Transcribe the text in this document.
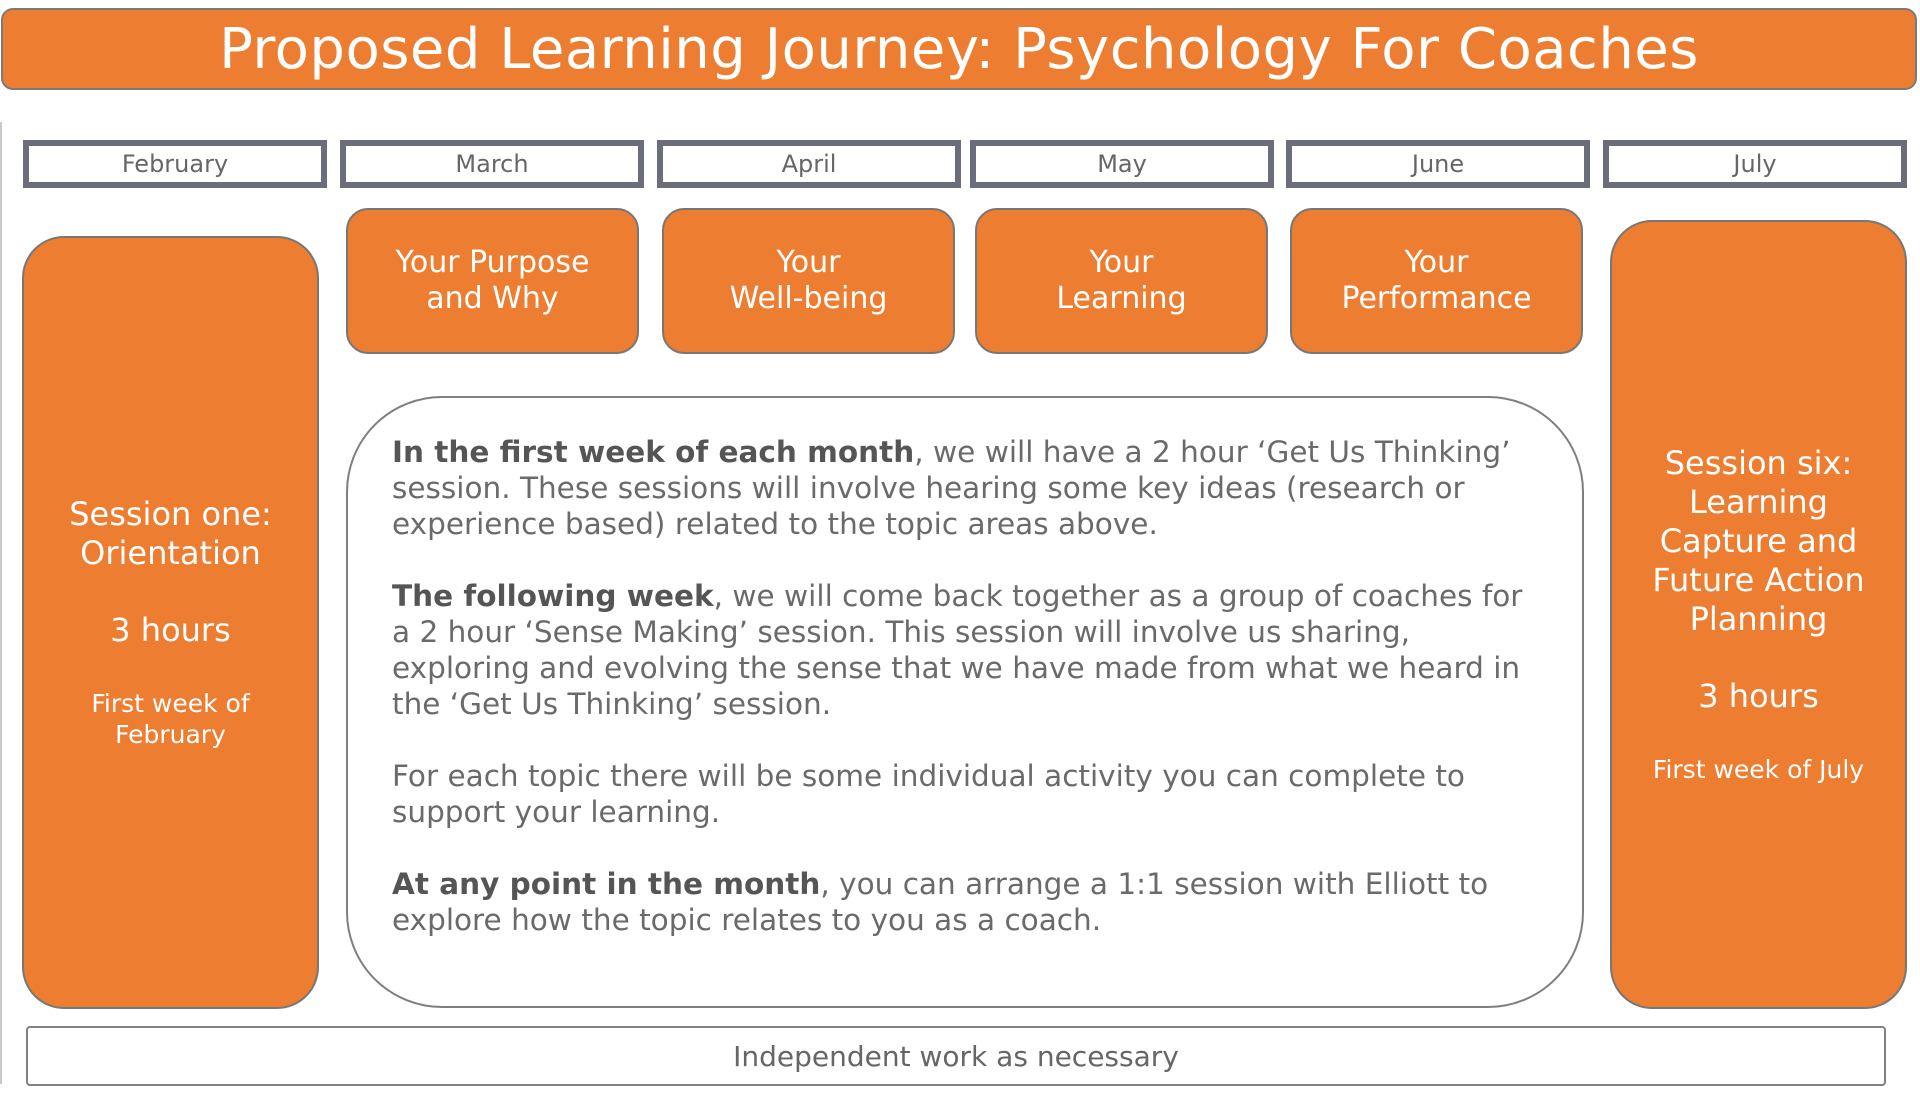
Proposed Learning Journey: Psychology For Coaches
February	March	April	May	June	July
Your Purpose
and Why
Your
Well-being
Your
Learning
Your
Performance
Session one:
Orientation
3 hours
First week of
February
Session six:
Learning
Capture and
Future Action
Planning
3 hours
First week of July

In the first week of each month, we will have a 2 hour ‘Get Us Thinking’ session. These sessions will involve hearing some key ideas (research or experience based) related to the topic areas above.

The following week, we will come back together as a group of coaches for a 2 hour ‘Sense Making’ session. This session will involve us sharing, exploring and evolving the sense that we have made from what we heard in the ‘Get Us Thinking’ session.

For each topic there will be some individual activity you can complete to support your learning.

At any point in the month, you can arrange a 1:1 session with Elliott to explore how the topic relates to you as a coach.

Independent work as necessary
